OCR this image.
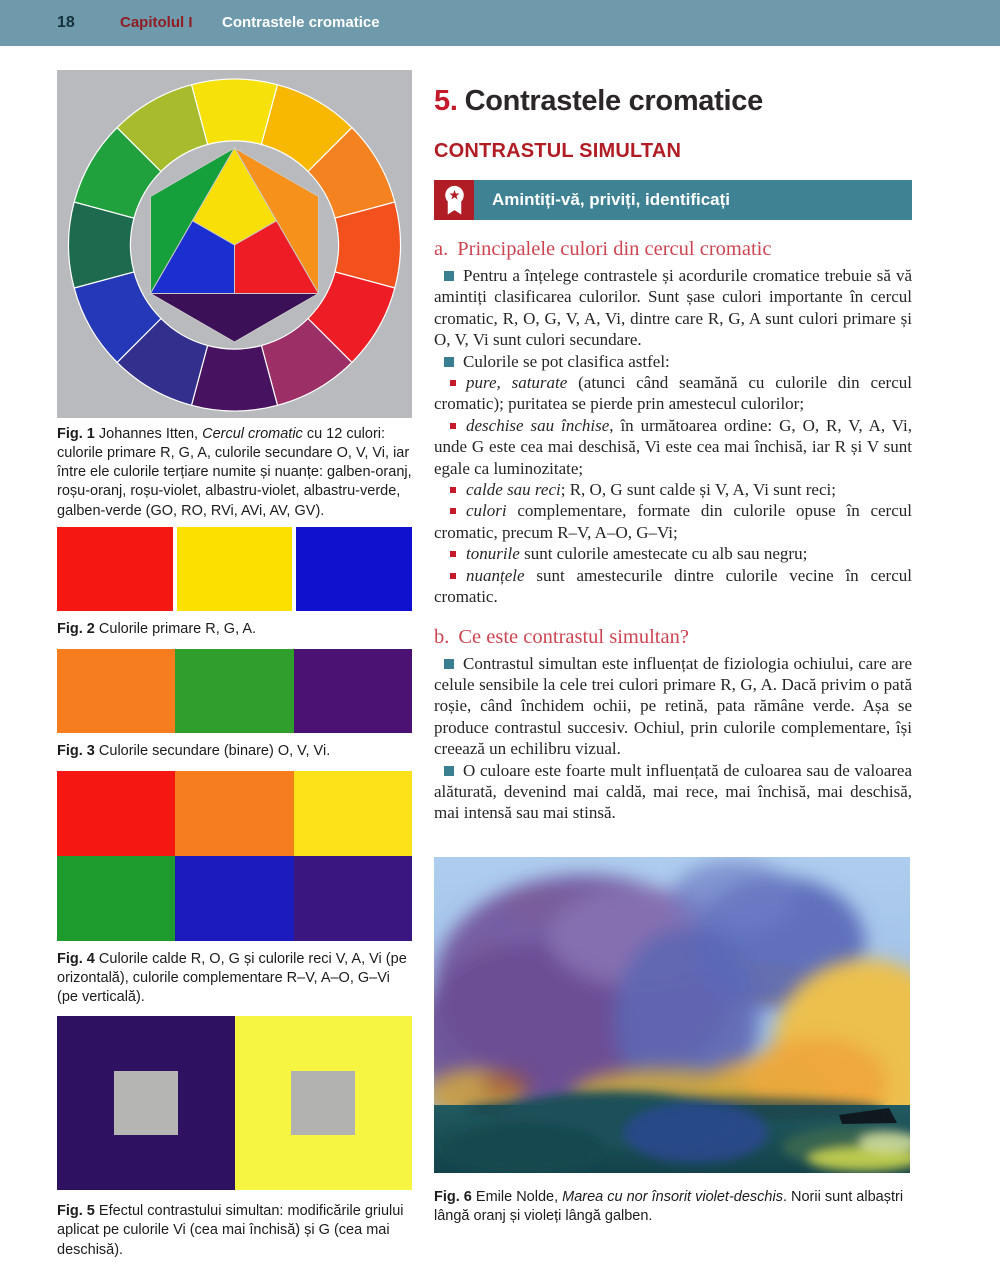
18	Capitolul I Contrastele cromatice
Fig. 1 Johannes Itten, Cercul cromatic cu 12 culori: culorile primare R, G, A, culorile secundare O, V, Vi, iar între ele culorile terțiare numite și nuanțe: galben-oranj, roșu-oranj, roșu-violet, albastru-violet, albastru-verde, galben-verde (GO, RO, RVi, AVi, AV, GV).
Fig. 2 Culorile primare R, G, A.
Fig. 3 Culorile secundare (binare) O, V, Vi.
Fig. 4 Culorile calde R, O, G și culorile reci V, A, Vi (pe orizontală), culorile complementare R–V, A–O, G–Vi (pe verticală).
Fig. 5 Efectul contrastului simultan: modificările griului aplicat pe culorile Vi (cea mai închisă) și G (cea mai deschisă).
5. Contrastele cromatice
CONTRASTUL SIMULTAN
Amintiți-vă, priviți, identificați
a. Principalele culori din cercul cromatic

Pentru a înțelege contrastele și acordurile cromatice trebuie să vă amintiți clasificarea culorilor. Sunt șase culori importante în cercul cromatic, R, O, G, V, A, Vi, dintre care R, G, A sunt culori primare și O, V, Vi sunt culori secundare.

Culorile se pot clasifica astfel:

pure, saturate (atunci când seamănă cu culorile din cercul cromatic); puritatea se pierde prin amestecul culorilor;

deschise sau închise, în următoarea ordine: G, O, R, V, A, Vi, unde G este cea mai deschisă, Vi este cea mai închisă, iar R și V sunt egale ca luminozitate;

calde sau reci; R, O, G sunt calde și V, A, Vi sunt reci;

culori complementare, formate din culorile opuse în cercul cromatic, precum R–V, A–O, G–Vi;

tonurile sunt culorile amestecate cu alb sau negru;

nuanțele sunt amestecurile dintre culorile vecine în cercul cromatic.

b. Ce este contrastul simultan?

Contrastul simultan este influențat de fiziologia ochiului, care are celule sensibile la cele trei culori primare R, G, A. Dacă privim o pată roșie, când închidem ochii, pe retină, pata rămâne verde. Așa se produce contrastul succesiv. Ochiul, prin culorile complementare, își creează un echilibru vizual.

O culoare este foarte mult influențată de culoarea sau de valoarea alăturată, devenind mai caldă, mai rece, mai închisă, mai deschisă, mai intensă sau mai stinsă.

Fig. 6 Emile Nolde, Marea cu nor însorit violet-deschis. Norii sunt albaștri lângă oranj și violeți lângă galben.
